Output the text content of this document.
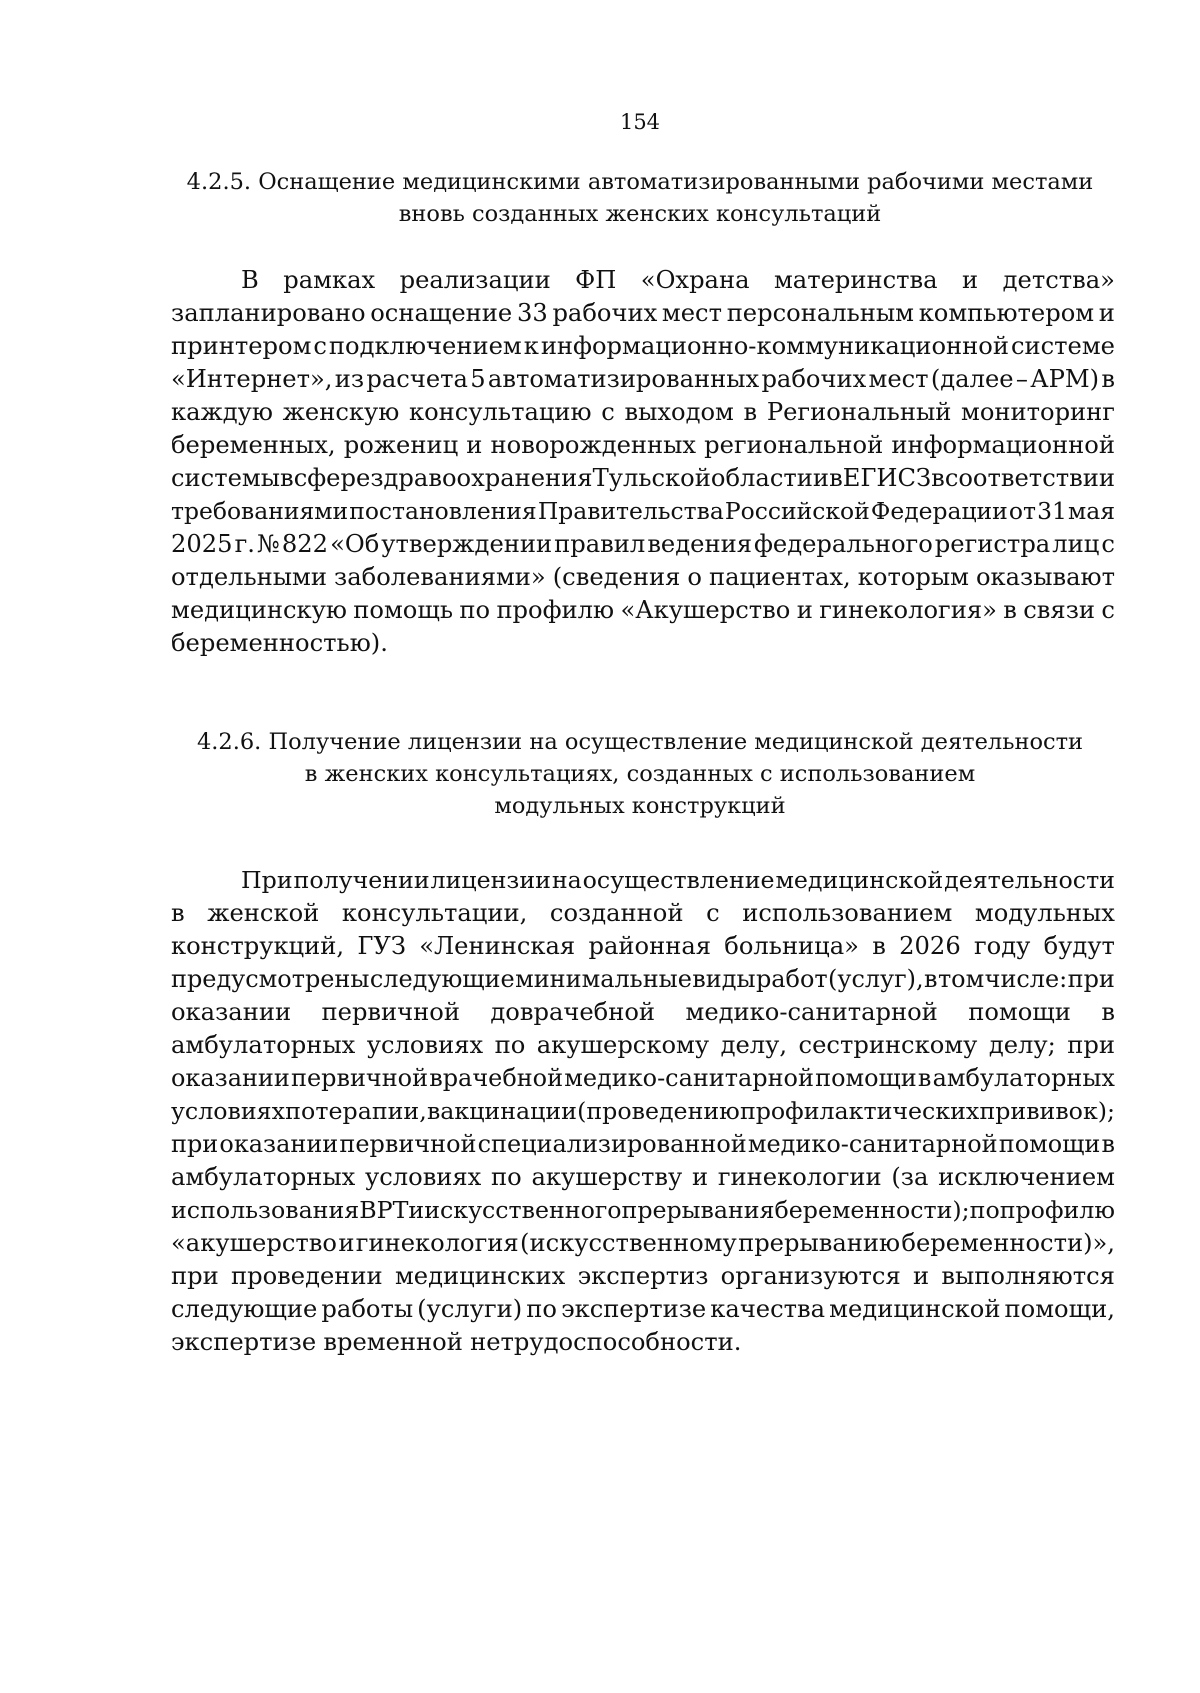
154
4.2.5. Оснащение медицинскими автоматизированными рабочими местами
вновь созданных женских консультаций
В рамках реализации ФП «Охрана материнства и детства»
запланировано оснащение 33 рабочих мест персональным компьютером и
принтером с подключением к информационно-коммуникационной системе
«Интернет», из расчета 5 автоматизированных рабочих мест (далее – АРМ) в
каждую женскую консультацию с выходом в Региональный мониторинг
беременных, рожениц и новорожденных региональной информационной
системы в сфере здравоохранения Тульской области и в ЕГИСЗ в соответствии
требованиями постановления Правительства Российской Федерации от 31 мая
2025 г. № 822 «Об утверждении правил ведения федерального регистра лиц с
отдельными заболеваниями» (сведения о пациентах, которым оказывают
медицинскую помощь по профилю «Акушерство и гинекология» в связи с
беременностью).
4.2.6. Получение лицензии на осуществление медицинской деятельности
в женских консультациях, созданных с использованием
модульных конструкций
При получении лицензии на осуществление медицинской деятельности
в женской консультации, созданной с использованием модульных
конструкций, ГУЗ «Ленинская районная больница» в 2026 году будут
предусмотрены следующие минимальные виды работ (услуг), в том числе: при
оказании первичной доврачебной медико-санитарной помощи в
амбулаторных условиях по акушерскому делу, сестринскому делу; при
оказании первичной врачебной медико-санитарной помощи в амбулаторных
условиях по терапии, вакцинации (проведению профилактических прививок);
при оказании первичной специализированной медико-санитарной помощи в
амбулаторных условиях по акушерству и гинекологии (за исключением
использования ВРТ и искусственного прерывания беременности); по профилю
«акушерство и гинекология (искусственному прерыванию беременности)»,
при проведении медицинских экспертиз организуются и выполняются
следующие работы (услуги) по экспертизе качества медицинской помощи,
экспертизе временной нетрудоспособности.
